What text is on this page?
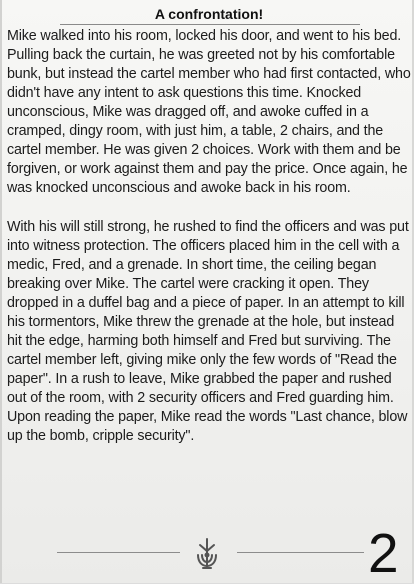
A confrontation!

Mike walked into his room, locked his door, and went to his bed. Pulling back the curtain, he was greeted not by his comfortable bunk, but instead the cartel member who had first contacted, who didn't have any intent to ask questions this time. Knocked unconscious, Mike was dragged off, and awoke cuffed in a cramped, dingy room, with just him, a table, 2 chairs, and the cartel member. He was given 2 choices. Work with them and be forgiven, or work against them and pay the price. Once again, he was knocked unconscious and awoke back in his room.

With his will still strong, he rushed to find the officers and was put into witness protection. The officers placed him in the cell with a medic, Fred, and a grenade. In short time, the ceiling began breaking over Mike. The cartel were cracking it open. They dropped in a duffel bag and a piece of paper. In an attempt to kill his tormentors, Mike threw the grenade at the hole, but instead hit the edge, harming both himself and Fred but surviving. The cartel member left, giving mike only the few words of "Read the paper". In a rush to leave, Mike grabbed the paper and rushed out of the room, with 2 security officers and Fred guarding him. Upon reading the paper, Mike read the words "Last chance, blow up the bomb, cripple security".

2
